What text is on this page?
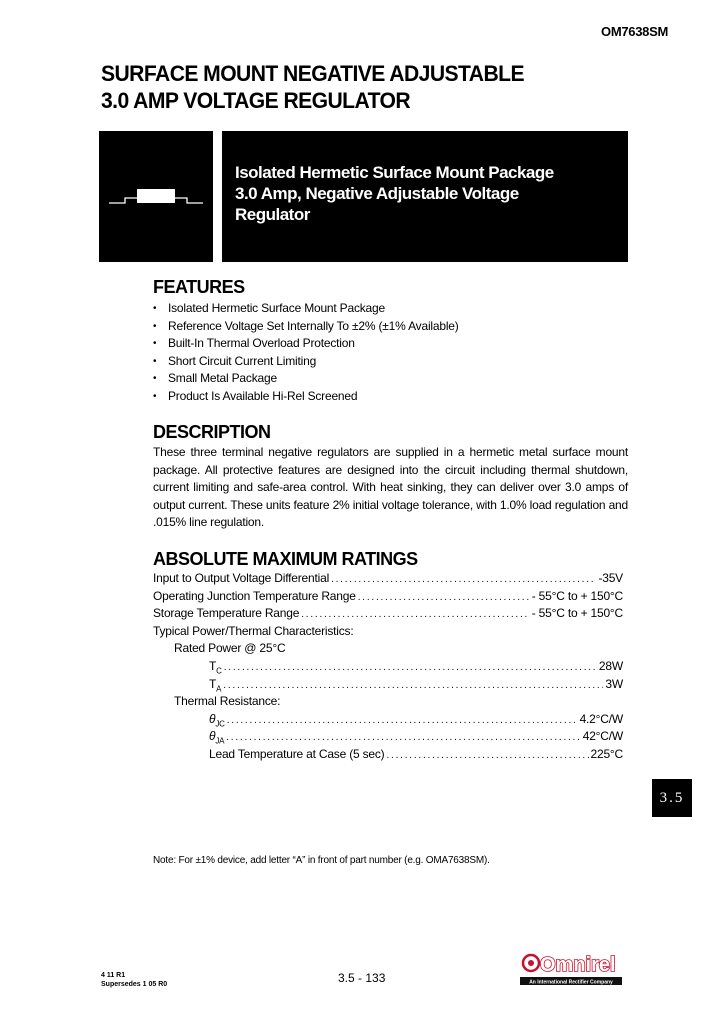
OM7638SM
SURFACE MOUNT NEGATIVE ADJUSTABLE
3.0 AMP VOLTAGE REGULATOR
Isolated Hermetic Surface Mount Package
3.0 Amp, Negative Adjustable Voltage
Regulator
FEATURES
• Isolated Hermetic Surface Mount Package
• Reference Voltage Set Internally To ±2% (±1% Available)
• Built-In Thermal Overload Protection
• Short Circuit Current Limiting
• Small Metal Package
• Product Is Available Hi-Rel Screened
DESCRIPTION
These three terminal negative regulators are supplied in a hermetic metal surface mount package. All protective features are designed into the circuit including thermal shutdown, current limiting and safe-area control. With heat sinking, they can deliver over 3.0 amps of output current. These units feature 2% initial voltage tolerance, with 1.0% load regulation and .015% line regulation.
ABSOLUTE MAXIMUM RATINGS
Input to Output Voltage Differential . . .	-35V
Operating Junction Temperature Range . . .	- 55°C to + 150°C
Storage Temperature Range . . .	- 55°C to + 150°C
Typical Power/Thermal Characteristics:
Rated Power @ 25°C
$T_C$ . . .	28W
$T_A$ . . .	3W
Thermal Resistance:
$\theta_{JC}$ . . .	4.2°C/W
$\theta_{JA}$ . . .	42°C/W
Lead Temperature at Case (5 sec) . . .	225°C
3.5
Note: For ±1% device, add letter “A” in front of part number (e.g. OMA7638SM).
4 11 R1
Supersedes 1 05 R0	3.5 - 133
Omnirel
An International Rectifier Company
